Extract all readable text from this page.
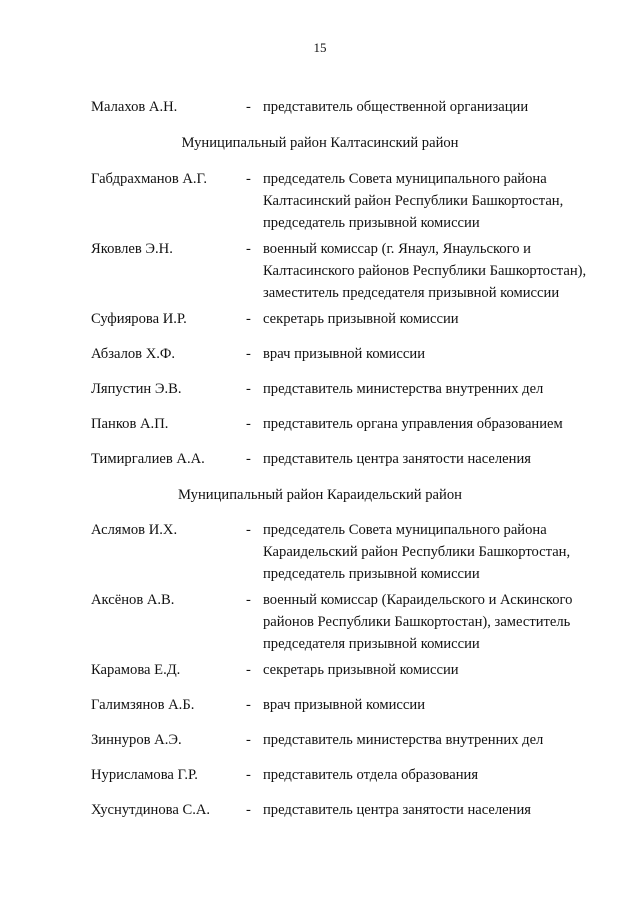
15
Малахов А.Н.	- представитель общественной организации
Муниципальный район Калтасинский район
Габдрахманов А.Г.	- председатель Совета муниципального района
Калтасинский район Республики Башкортостан,
председатель призывной комиссии
Яковлев Э.Н.	- военный комиссар (г. Янаул, Янаульского и
Калтасинского районов Республики Башкортостан),
заместитель председателя призывной комиссии
Суфиярова И.Р.	- секретарь призывной комиссии
Абзалов Х.Ф.	- врач призывной комиссии
Ляпустин Э.В.	- представитель министерства внутренних дел
Панков А.П.	- представитель органа управления образованием
Тимиргалиев А.А.	- представитель центра занятости населения
Муниципальный район Караидельский район
Аслямов И.Х.	- председатель Совета муниципального района
Караидельский район Республики Башкортостан,
председатель призывной комиссии
Аксёнов А.В.	- военный комиссар (Караидельского и Аскинского
районов Республики Башкортостан), заместитель
председателя призывной комиссии
Карамова Е.Д.	- секретарь призывной комиссии
Галимзянов А.Б.	- врач призывной комиссии
Зиннуров А.Э.	- представитель министерства внутренних дел
Нурисламова Г.Р.	- представитель отдела образования
Хуснутдинова С.А. - представитель центра занятости населения
